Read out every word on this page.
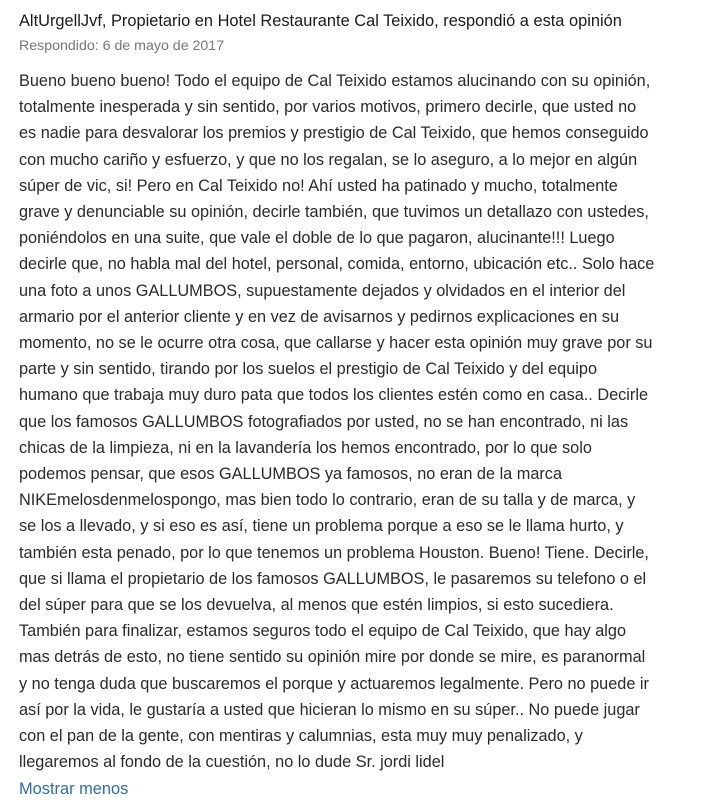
AltUrgellJvf, Propietario en Hotel Restaurante Cal Teixido, respondió a esta opinión
Respondido: 6 de mayo de 2017
Bueno bueno bueno! Todo el equipo de Cal Teixido estamos alucinando con su opinión,
totalmente inesperada y sin sentido, por varios motivos, primero decirle, que usted no
es nadie para desvalorar los premios y prestigio de Cal Teixido, que hemos conseguido
con mucho cariño y esfuerzo, y que no los regalan, se lo aseguro, a lo mejor en algún
súper de vic, si! Pero en Cal Teixido no! Ahí usted ha patinado y mucho, totalmente
grave y denunciable su opinión, decirle también, que tuvimos un detallazo con ustedes,
poniéndolos en una suite, que vale el doble de lo que pagaron, alucinante!!! Luego
decirle que, no habla mal del hotel, personal, comida, entorno, ubicación etc.. Solo hace
una foto a unos GALLUMBOS, supuestamente dejados y olvidados en el interior del
armario por el anterior cliente y en vez de avisarnos y pedirnos explicaciones en su
momento, no se le ocurre otra cosa, que callarse y hacer esta opinión muy grave por su
parte y sin sentido, tirando por los suelos el prestigio de Cal Teixido y del equipo
humano que trabaja muy duro pata que todos los clientes estén como en casa.. Decirle
que los famosos GALLUMBOS fotografiados por usted, no se han encontrado, ni las
chicas de la limpieza, ni en la lavandería los hemos encontrado, por lo que solo
podemos pensar, que esos GALLUMBOS ya famosos, no eran de la marca
NIKEmelosdenmelospongo, mas bien todo lo contrario, eran de su talla y de marca, y
se los a llevado, y si eso es así, tiene un problema porque a eso se le llama hurto, y
también esta penado, por lo que tenemos un problema Houston. Bueno! Tiene. Decirle,
que si llama el propietario de los famosos GALLUMBOS, le pasaremos su telefono o el
del súper para que se los devuelva, al menos que estén limpios, si esto sucediera.
También para finalizar, estamos seguros todo el equipo de Cal Teixido, que hay algo
mas detrás de esto, no tiene sentido su opinión mire por donde se mire, es paranormal
y no tenga duda que buscaremos el porque y actuaremos legalmente. Pero no puede ir
así por la vida, le gustaría a usted que hicieran lo mismo en su súper.. No puede jugar
con el pan de la gente, con mentiras y calumnias, esta muy muy penalizado, y
llegaremos al fondo de la cuestión, no lo dude Sr. jordi lidel
Mostrar menos
